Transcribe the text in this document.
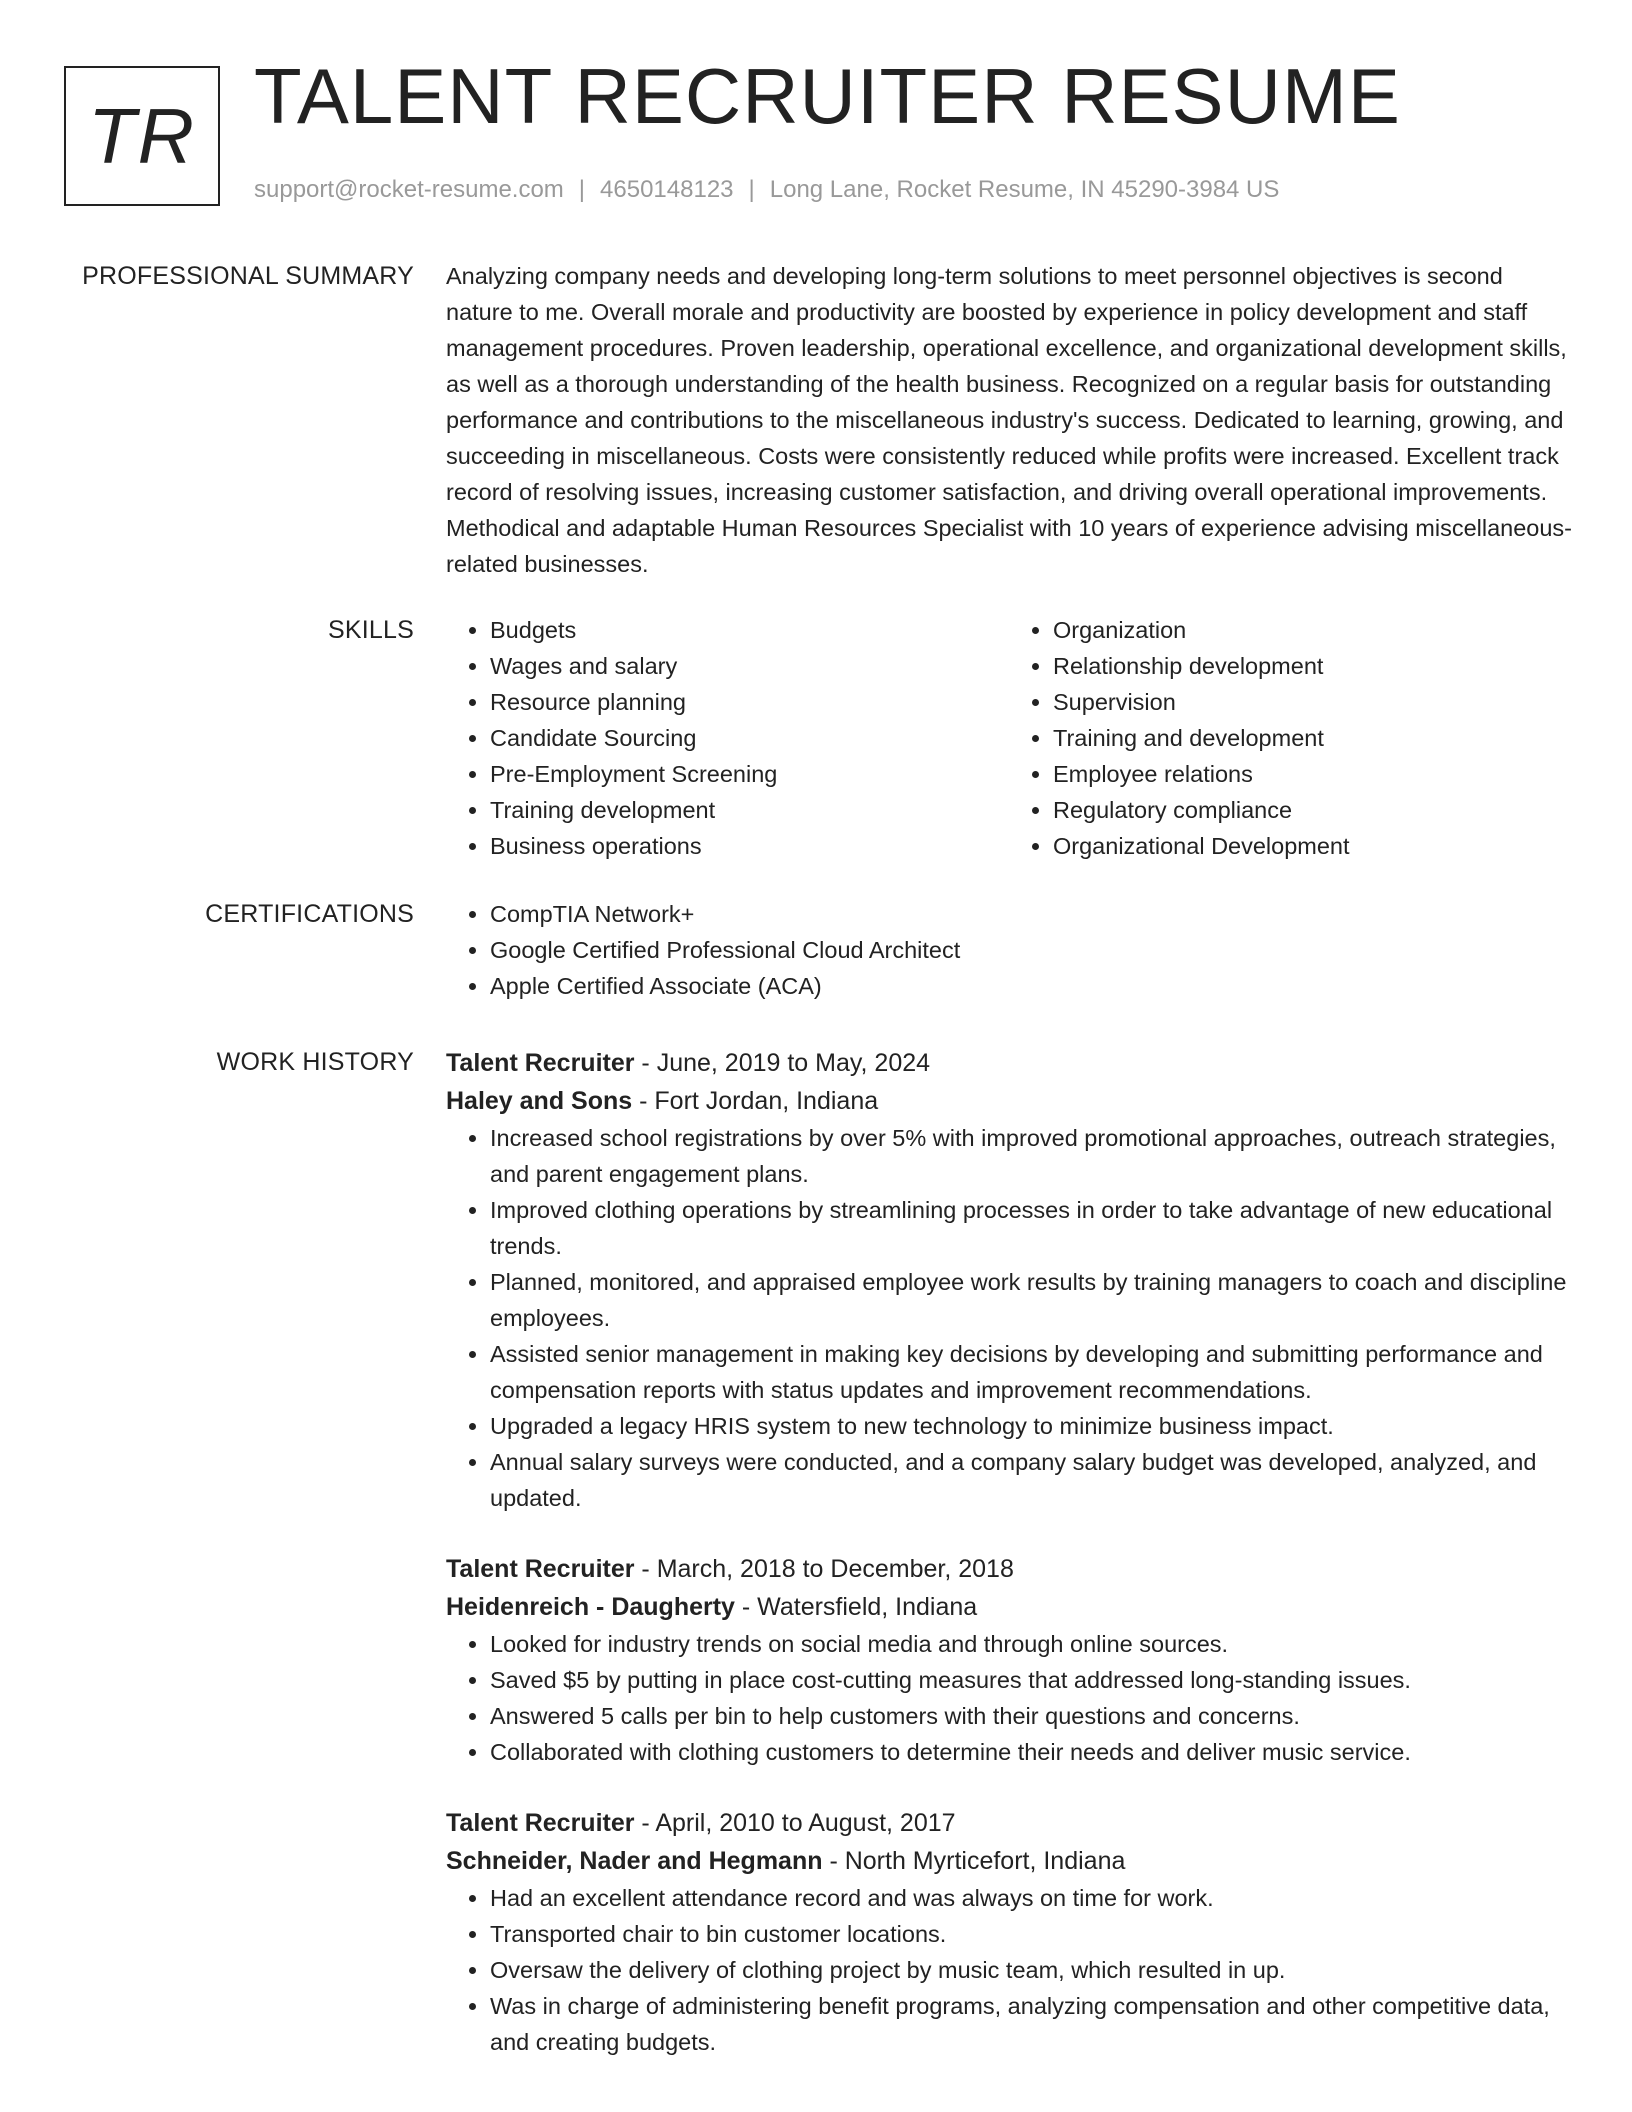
TR TALENT RECRUITER RESUME
support@rocket-resume.com | 4650148123 | Long Lane, Rocket Resume, IN 45290-3984 US
PROFESSIONAL SUMMARY Analyzing company needs and developing long-term solutions to meet personnel objectives is second nature to me. Overall morale and productivity are boosted by experience in policy development and staff management procedures. Proven leadership, operational excellence, and organizational development skills, as well as a thorough understanding of the health business. Recognized on a regular basis for outstanding performance and contributions to the miscellaneous industry's success. Dedicated to learning, growing, and succeeding in miscellaneous. Costs were consistently reduced while profits were increased. Excellent track record of resolving issues, increasing customer satisfaction, and driving overall operational improvements. Methodical and adaptable Human Resources Specialist with 10 years of experience advising miscellaneous-related businesses.

SKILLS	• Budgets
• Wages and salary
• Resource planning
• Candidate Sourcing
• Pre-Employment Screening
• Training development
• Business operations
• Organization
• Relationship development
• Supervision
• Training and development
• Employee relations
• Regulatory compliance
• Organizational Development
CERTIFICATIONS	• CompTIA Network+
• Google Certified Professional Cloud Architect
• Apple Certified Associate (ACA)
WORK HISTORY Talent Recruiter - June, 2019 to May, 2024
Haley and Sons - Fort Jordan, Indiana
• Increased school registrations by over 5% with improved promotional approaches, outreach strategies, and parent engagement plans.
• Improved clothing operations by streamlining processes in order to take advantage of new educational trends.
• Planned, monitored, and appraised employee work results by training managers to coach and discipline employees.
• Assisted senior management in making key decisions by developing and submitting performance and compensation reports with status updates and improvement recommendations.
• Upgraded a legacy HRIS system to new technology to minimize business impact.
• Annual salary surveys were conducted, and a company salary budget was developed, analyzed, and updated.
Talent Recruiter - March, 2018 to December, 2018
Heidenreich - Daugherty - Watersfield, Indiana
• Looked for industry trends on social media and through online sources.
• Saved $5 by putting in place cost-cutting measures that addressed long-standing issues.
• Answered 5 calls per bin to help customers with their questions and concerns.
• Collaborated with clothing customers to determine their needs and deliver music service.
Talent Recruiter - April, 2010 to August, 2017
Schneider, Nader and Hegmann - North Myrticefort, Indiana
• Had an excellent attendance record and was always on time for work.
• Transported chair to bin customer locations.
• Oversaw the delivery of clothing project by music team, which resulted in up.
• Was in charge of administering benefit programs, analyzing compensation and other competitive data, and creating budgets.
